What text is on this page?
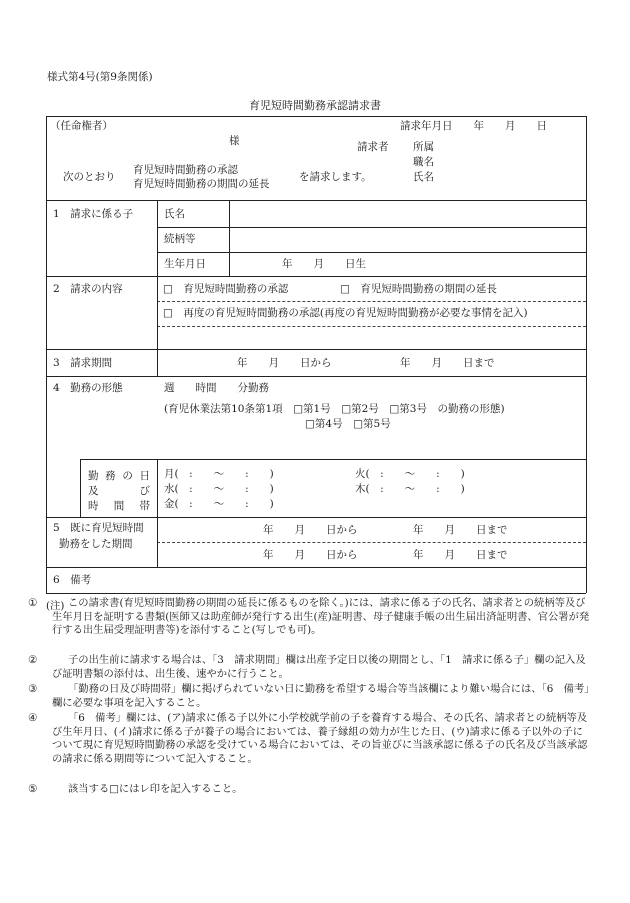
様式第4号(第9条関係)
育児短時間勤務承認請求書
（任命権者）
様
請求年月日　　年　　月　　日
請求者 所属
職名
氏名
次のとおり
育児短時間勤務の承認
育児短時間勤務の期間の延長
を請求します。
1　請求に係る子	氏名
続柄等
生年月日	年　　月　　日生
2　請求の内容	□　育児短時間勤務の承認	□　育児短時間勤務の期間の延長
□　再度の育児短時間勤務の承認(再度の育児短時間勤務が必要な事情を記入)
3　請求期間	年　　月　　日から	年　　月　　日まで
4　勤務の形態	週　　時間　　分勤務
(育児休業法第10条第1項　□第1号　□第2号　□第3号　の勤務の形態)
□第4号　□第5号
勤 務 の 日
及	び
時 間 帯
月(　:　　〜　　:　　)	火(　:　　〜　　:　　)
水(　:　　〜　　:　　)	木(　:　　〜　　:　　)
金(　:　　〜　　:　　)
5　既に育児短時間
勤務をした期間
年　　月　　日から	年　　月　　日まで
年　　月　　日から	年　　月　　日まで
6　備考
(注)
①	この請求書(育児短時間勤務の期間の延長に係るものを除く。)には、請求に係る子の氏名、請求者との続柄等及び生年月日を証明する書類(医師又は助産師が発行する出生(産)証明書、母子健康手帳の出生届出済証明書、官公署が発行する出生届受理証明書等)を添付すること(写しでも可)。
②	子の出生前に請求する場合は、「3　請求期間」欄は出産予定日以後の期間とし、「1　請求に係る子」欄の記入及び証明書類の添付は、出生後、速やかに行うこと。
③	「勤務の日及び時間帯」欄に掲げられていない日に勤務を希望する場合等当該欄により難い場合には、「6　備考」欄に必要な事項を記入すること。
④	「6　備考」欄には、(ア)請求に係る子以外に小学校就学前の子を養育する場合、その氏名、請求者との続柄等及び生年月日、(イ)請求に係る子が養子の場合においては、養子縁組の効力が生じた日、(ウ)請求に係る子以外の子について現に育児短時間勤務の承認を受けている場合においては、その旨並びに当該承認に係る子の氏名及び当該承認の請求に係る期間等について記入すること。
⑤	該当する□にはレ印を記入すること。
